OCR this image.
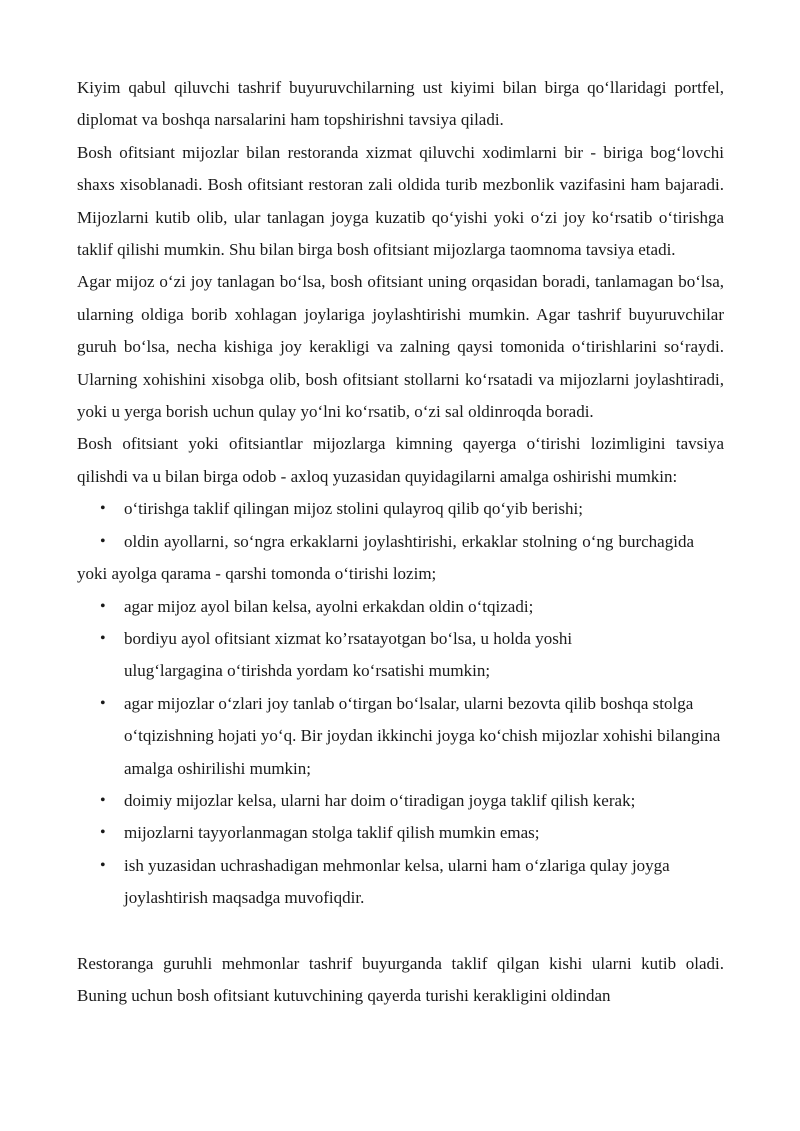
Kiyim qabul qiluvchi tashrif buyuruvchilarning ust kiyimi bilan birga qo‘llaridagi portfel, diplomat va boshqa narsalarini ham topshirishni tavsiya qiladi.

Bosh ofitsiant mijozlar bilan restoranda xizmat qiluvchi xodimlarni bir - biriga bog‘lovchi shaxs xisoblanadi. Bosh ofitsiant restoran zali oldida turib mezbonlik vazifasini ham bajaradi. Mijozlarni kutib olib, ular tanlagan joyga kuzatib qo‘yishi yoki o‘zi joy ko‘rsatib o‘tirishga taklif qilishi mumkin. Shu bilan birga bosh ofitsiant mijozlarga taomnoma tavsiya etadi.

Agar mijoz o‘zi joy tanlagan bo‘lsa, bosh ofitsiant uning orqasidan boradi, tanlamagan bo‘lsa, ularning oldiga borib xohlagan joylariga joylashtirishi mumkin. Agar tashrif buyuruvchilar guruh bo‘lsa, necha kishiga joy kerakligi va zalning qaysi tomonida o‘tirishlarini so‘raydi. Ularning xohishini xisobga olib, bosh ofitsiant stollarni ko‘rsatadi va mijozlarni joylashtiradi, yoki u yerga borish uchun qulay yo‘lni ko‘rsatib, o‘zi sal oldinroqda boradi.

Bosh ofitsiant yoki ofitsiantlar mijozlarga kimning qayerga o‘tirishi lozimligini tavsiya qilishdi va u bilan birga odob - axloq yuzasidan quyidagilarni amalga oshirishi mumkin:

• o‘tirishga taklif qilingan mijoz stolini qulayroq qilib qo‘yib berishi;
• oldin ayollarni, so‘ngra erkaklarni joylashtirishi, erkaklar stolning o‘ng burchagida yoki ayolga qarama - qarshi tomonda o‘tirishi lozim;
• agar mijoz ayol bilan kelsa, ayolni erkakdan oldin o‘tqizadi;
• bordiyu ayol ofitsiant xizmat ko’rsatayotgan bo‘lsa, u holda yoshi ulug‘largagina o‘tirishda yordam ko‘rsatishi mumkin;
• agar mijozlar o‘zlari joy tanlab o‘tirgan bo‘lsalar, ularni bezovta qilib boshqa stolga o‘tqizishning hojati yo‘q. Bir joydan ikkinchi joyga ko‘chish mijozlar xohishi bilangina amalga oshirilishi mumkin;
• doimiy mijozlar kelsa, ularni har doim o‘tiradigan joyga taklif qilish kerak;
• mijozlarni tayyorlanmagan stolga taklif qilish mumkin emas;
• ish yuzasidan uchrashadigan mehmonlar kelsa, ularni ham o‘zlariga qulay joyga joylashtirish maqsadga muvofiqdir.

Restoranga guruhli mehmonlar tashrif buyurganda taklif qilgan kishi ularni kutib oladi. Buning uchun bosh ofitsiant kutuvchining qayerda turishi kerakligini oldindan
